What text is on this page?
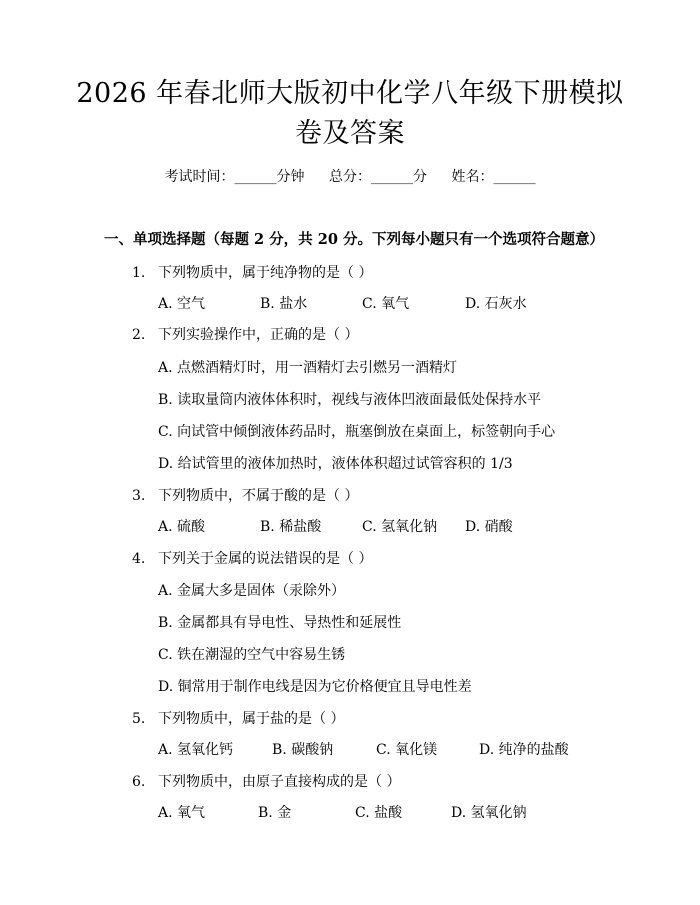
2026 年春北师大版初中化学八年级下册模拟
卷及答案
考试时间：______分钟 总分：______分 姓名：______
一、单项选择题（每题 2 分，共 20 分。下列每小题只有一个选项符合题意）
1. 下列物质中，属于纯净物的是（ ）
A. 空气	B. 盐水	C. 氧气	D. 石灰水
2. 下列实验操作中，正确的是（ ）
A. 点燃酒精灯时，用一酒精灯去引燃另一酒精灯
B. 读取量筒内液体体积时，视线与液体凹液面最低处保持水平
C. 向试管中倾倒液体药品时，瓶塞倒放在桌面上，标签朝向手心
D. 给试管里的液体加热时，液体体积超过试管容积的 1/3
3. 下列物质中，不属于酸的是（ ）
A. 硫酸	B. 稀盐酸	C. 氢氧化钠 D. 硝酸
4. 下列关于金属的说法错误的是（ ）
A. 金属大多是固体（汞除外）
B. 金属都具有导电性、导热性和延展性
C. 铁在潮湿的空气中容易生锈
D. 铜常用于制作电线是因为它价格便宜且导电性差
5. 下列物质中，属于盐的是（ ）
A. 氢氧化钙	B. 碳酸钠	C. 氧化镁	D. 纯净的盐酸
6. 下列物质中，由原子直接构成的是（ ）
A. 氧气	B. 金	C. 盐酸	D. 氢氧化钠
